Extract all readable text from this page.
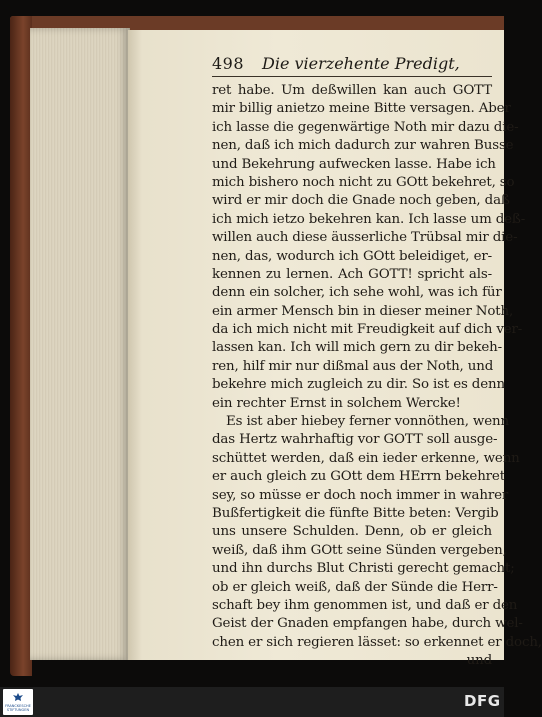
498 Die vierzehente Predigt,
ret habe. Um deßwillen kan auch GOTT
mir billig anietzo meine Bitte versagen. Aber
ich lasse die gegenwärtige Noth mir dazu die-
nen, daß ich mich dadurch zur wahren Busse
und Bekehrung aufwecken lasse. Habe ich
mich bishero noch nicht zu GOtt bekehret, so
wird er mir doch die Gnade noch geben, daß
ich mich ietzo bekehren kan. Ich lasse um deß-
willen auch diese äusserliche Trübsal mir die-
nen, das, wodurch ich GOtt beleidiget, er-
kennen zu lernen. Ach GOTT! spricht als-
denn ein solcher, ich sehe wohl, was ich für
ein armer Mensch bin in dieser meiner Noth,
da ich mich nicht mit Freudigkeit auf dich ver-
lassen kan. Ich will mich gern zu dir bekeh-
ren, hilf mir nur dißmal aus der Noth, und
bekehre mich zugleich zu dir. So ist es denn
ein rechter Ernst in solchem Wercke!
Es ist aber hiebey ferner vonnöthen, wenn
das Hertz wahrhaftig vor GOTT soll ausge-
schüttet werden, daß ein ieder erkenne, wenn
er auch gleich zu GOtt dem HErrn bekehret
sey, so müsse er doch noch immer in wahrer
Bußfertigkeit die fünfte Bitte beten: Vergib
uns unsere Schulden. Denn, ob er gleich
weiß, daß ihm GOtt seine Sünden vergeben,
und ihn durchs Blut Christi gerecht gemacht;
ob er gleich weiß, daß der Sünde die Herr-
schaft bey ihm genommen ist, und daß er den
Geist der Gnaden empfangen habe, durch wel-
chen er sich regieren lässet: so erkennet er doch,
und
FRANCKESCHE STIFTUNGEN	DFG
